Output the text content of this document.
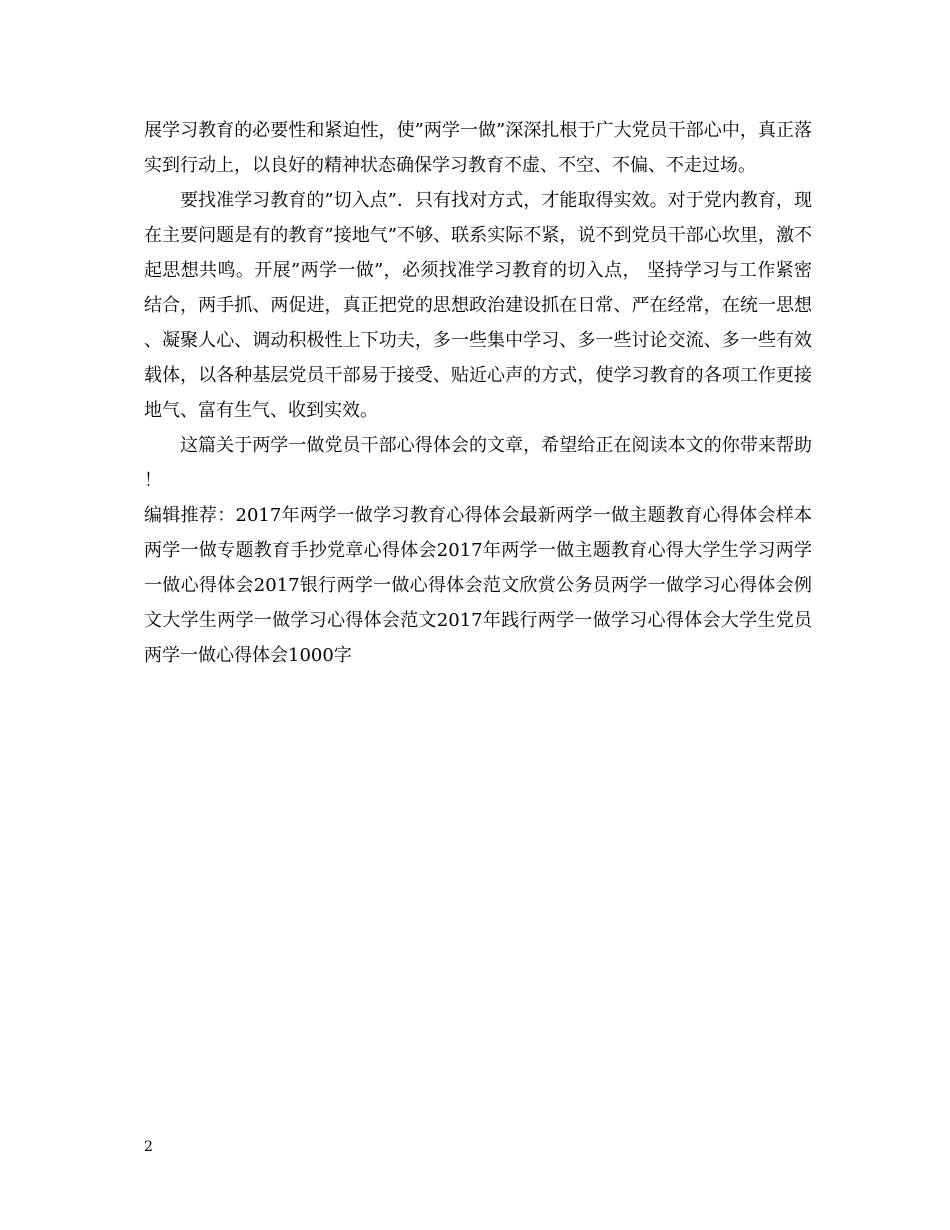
展学习教育的必要性和紧迫性，使”两学一做”深深扎根于广大党员干部心中，真正落实到行动上，以良好的精神状态确保学习教育不虚、不空、不偏、不走过场。

要找准学习教育的”切入点”．只有找对方式，才能取得实效。对于党内教育，现在主要问题是有的教育”接地气”不够、联系实际不紧，说不到党员干部心坎里，激不起思想共鸣。开展”两学一做”，必须找准学习教育的切入点， 坚持学习与工作紧密结合，两手抓、两促进，真正把党的思想政治建设抓在日常、严在经常，在统一思想、凝聚人心、调动积极性上下功夫，多一些集中学习、多一些讨论交流、多一些有效载体，以各种基层党员干部易于接受、贴近心声的方式，使学习教育的各项工作更接地气、富有生气、收到实效。

这篇关于两学一做党员干部心得体会的文章，希望给正在阅读本文的你带来帮助！

编辑推荐：2017年两学一做学习教育心得体会最新两学一做主题教育心得体会样本两学一做专题教育手抄党章心得体会2017年两学一做主题教育心得大学生学习两学一做心得体会2017银行两学一做心得体会范文欣赏公务员两学一做学习心得体会例文大学生两学一做学习心得体会范文2017年践行两学一做学习心得体会大学生党员两学一做心得体会1000字

2
